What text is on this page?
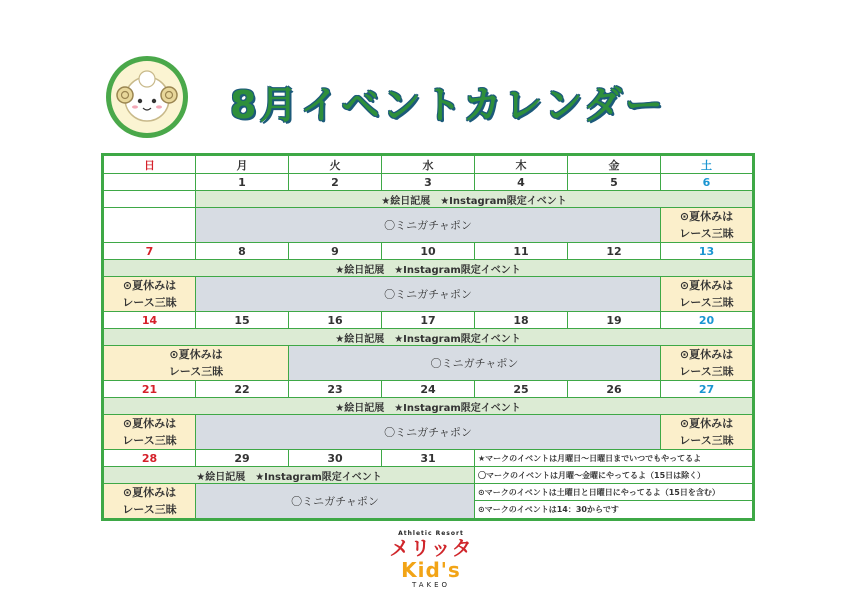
8月イベントカレンダー
日	月	火	水	木	金	土
	1	2	3	4	5	6
	★絵日記展　★Instagram限定イベント					
	〇ミニガチャポン					⊙夏休みは
レース三昧
7	8	9	10	11	12	13
★絵日記展　★Instagram限定イベント						
⊙夏休みは
レース三昧	〇ミニガチャポン					⊙夏休みは
レース三昧
14	15	16	17	18	19	20
★絵日記展　★Instagram限定イベント						
⊙夏休みは
レース三昧		〇ミニガチャポン				⊙夏休みは
レース三昧
21	22	23	24	25	26	27
★絵日記展　★Instagram限定イベント						
⊙夏休みは
レース三昧	〇ミニガチャポン					⊙夏休みは
レース三昧
28	29	30	31	★マークのイベントは月曜日～日曜日までいつでもやってるよ		
★絵日記展　★Instagram限定イベント				〇マークのイベントは月曜～金曜にやってるよ（15日は除く）		
⊙夏休みは
レース三昧	〇ミニガチャポン			⊙マークのイベントは土曜日と日曜日にやってるよ（15日を含む）		
				⊙マークのイベントは14：30からです		
Athletic Resort
メリッタKid's
TAKEO
